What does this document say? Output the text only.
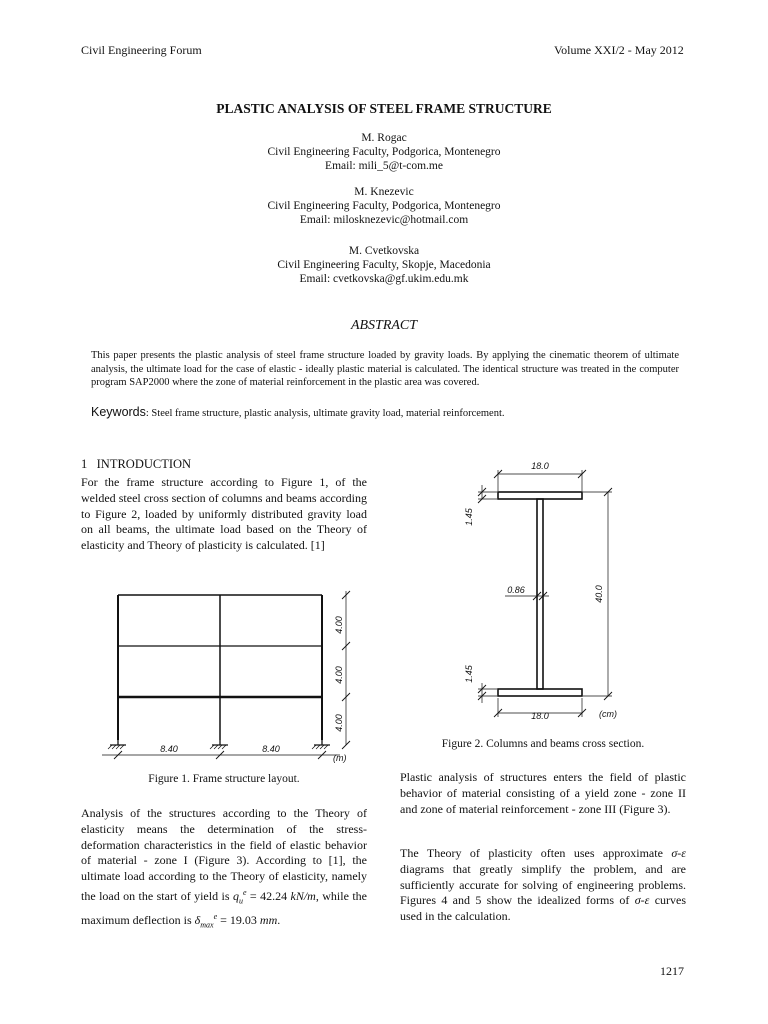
Civil Engineering Forum	Volume XXI/2 - May 2012
PLASTIC ANALYSIS OF STEEL FRAME STRUCTURE
M. Rogac
Civil Engineering Faculty, Podgorica, Montenegro
Email: mili_5@t-com.me
M. Knezevic
Civil Engineering Faculty, Podgorica, Montenegro
Email: milosknezevic@hotmail.com
M. Cvetkovska
Civil Engineering Faculty, Skopje, Macedonia
Email: cvetkovska@gf.ukim.edu.mk
ABSTRACT
This paper presents the plastic analysis of steel frame structure loaded by gravity loads. By applying the cinematic theorem of ultimate analysis, the ultimate load for the case of elastic - ideally plastic material is calculated. The identical structure was treated in the computer program SAP2000 where the zone of material reinforcement in the plastic area was covered.
Keywords: Steel frame structure, plastic analysis, ultimate gravity load, material reinforcement.
1 INTRODUCTION
For the frame structure according to Figure 1, of the welded steel cross section of columns and beams according to Figure 2, loaded by uniformly distributed gravity load on all beams, the ultimate load based on the Theory of elasticity and Theory of plasticity is calculated. [1]
4.00
4.00
4.00
8.40	8.40
(m)
Figure 1. Frame structure layout.
18.0
18.0
1.45
1.45
0.86	40.0
(cm)
Figure 2. Columns and beams cross section.
Analysis of the structures according to the Theory of elasticity means the determination of the stress-deformation characteristics in the field of elastic behavior of material - zone I (Figure 3). According to [1], the ultimate load according to the Theory of elasticity, namely the load on the start of yield is $q_u^e = 42.24$ kN/m, while the maximum deflection is $\delta_{max}^e = 19.03$ mm.
Plastic analysis of structures enters the field of plastic behavior of material consisting of a yield zone - zone II and zone of material reinforcement - zone III (Figure 3).
The Theory of plasticity often uses approximate σ-ε diagrams that greatly simplify the problem, and are sufficiently accurate for solving of engineering problems. Figures 4 and 5 show the idealized forms of σ-ε curves used in the calculation.
1217
